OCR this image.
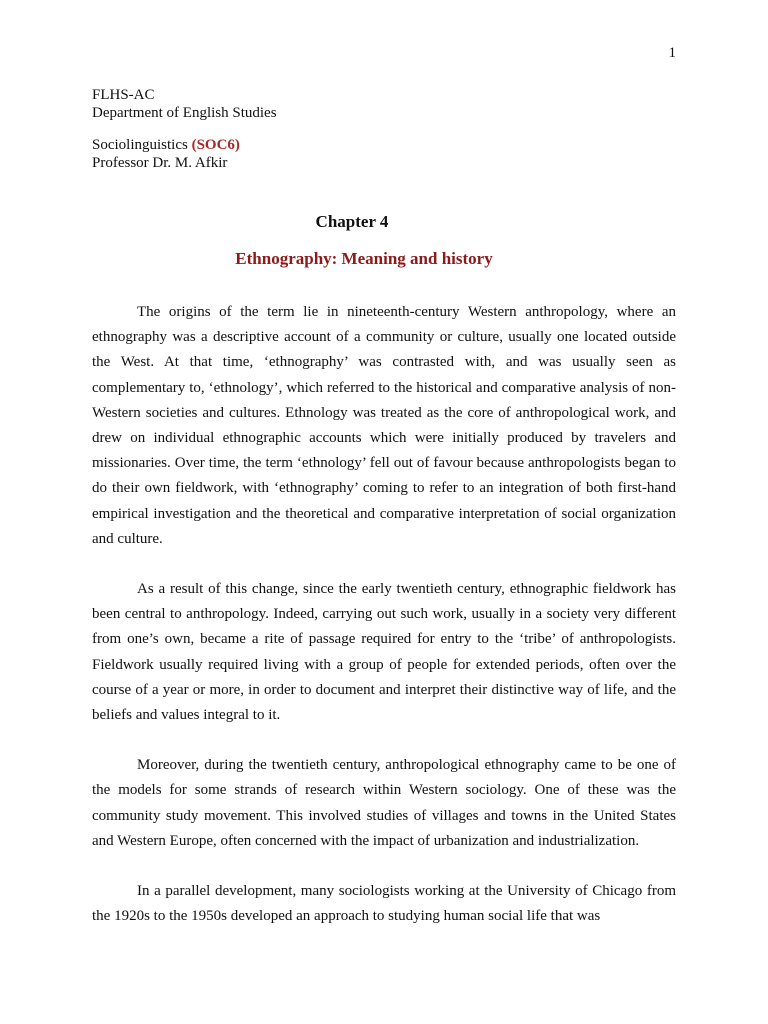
1
FLHS-AC
Department of English Studies
Sociolinguistics (SOC6)
Professor Dr. M. Afkir
Chapter 4
Ethnography: Meaning and history

The origins of the term lie in nineteenth-century Western anthropology, where an ethnography was a descriptive account of a community or culture, usually one located outside the West. At that time, ‘ethnography’ was contrasted with, and was usually seen as complementary to, ‘ethnology’, which referred to the historical and comparative analysis of non-Western societies and cultures. Ethnology was treated as the core of anthropological work, and drew on individual ethnographic accounts which were initially produced by travelers and missionaries. Over time, the term ‘ethnology’ fell out of favour because anthropologists began to do their own fieldwork, with ‘ethnography’ coming to refer to an integration of both first-hand empirical investigation and the theoretical and comparative interpretation of social organization and culture.

As a result of this change, since the early twentieth century, ethnographic fieldwork has been central to anthropology. Indeed, carrying out such work, usually in a society very different from one’s own, became a rite of passage required for entry to the ‘tribe’ of anthropologists. Fieldwork usually required living with a group of people for extended periods, often over the course of a year or more, in order to document and interpret their distinctive way of life, and the beliefs and values integral to it.

Moreover, during the twentieth century, anthropological ethnography came to be one of the models for some strands of research within Western sociology. One of these was the community study movement. This involved studies of villages and towns in the United States and Western Europe, often concerned with the impact of urbanization and industrialization.

In a parallel development, many sociologists working at the University of Chicago from the 1920s to the 1950s developed an approach to studying human social life that was
